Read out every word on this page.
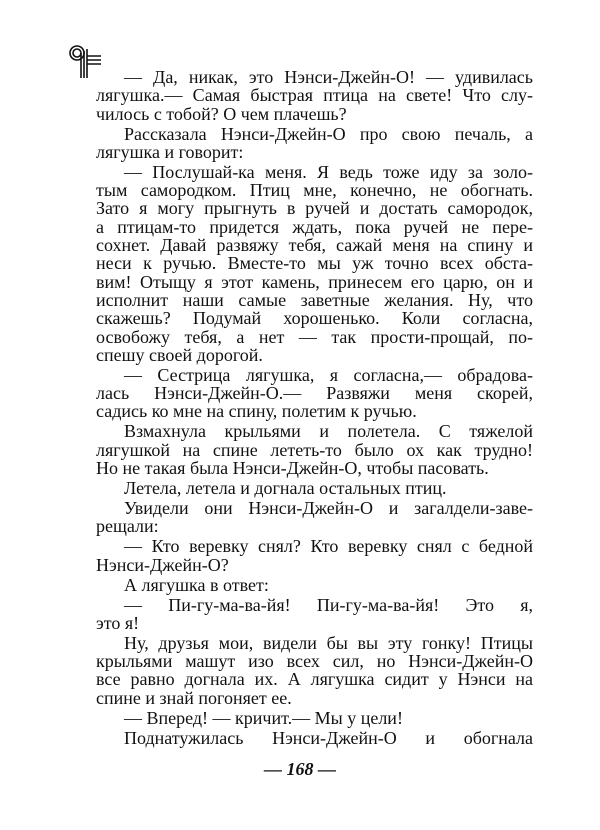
— Да, никак, это Нэнси-Джейн-О! — удивилась
лягушка.— Самая быстрая птица на свете! Что слу-
чилось с тобой? О чем плачешь?
Рассказала Нэнси-Джейн-О про свою печаль, а
лягушка и говорит:
— Послушай-ка меня. Я ведь тоже иду за золо-
тым самородком. Птиц мне, конечно, не обогнать.
Зато я могу прыгнуть в ручей и достать самородок,
а птицам-то придется ждать, пока ручей не пере-
сохнет. Давай развяжу тебя, сажай меня на спину и
неси к ручью. Вместе-то мы уж точно всех обста-
вим! Отыщу я этот камень, принесем его царю, он и
исполнит наши самые заветные желания. Ну, что
скажешь? Подумай хорошенько. Коли согласна,
освобожу тебя, а нет — так прости-прощай, по-
спешу своей дорогой.
— Сестрица лягушка, я согласна,— обрадова-
лась Нэнси-Джейн-О.— Развяжи меня скорей,
садись ко мне на спину, полетим к ручью.
Взмахнула крыльями и полетела. С тяжелой
лягушкой на спине лететь-то было ох как трудно!
Но не такая была Нэнси-Джейн-О, чтобы пасовать.
Летела, летела и догнала остальных птиц.
Увидели они Нэнси-Джейн-О и загалдели-заве-
рещали:
— Кто веревку снял? Кто веревку снял с бедной
Нэнси-Джейн-О?
А лягушка в ответ:
— Пи-гу-ма-ва-йя! Пи-гу-ма-ва-йя! Это я,
это я!
Ну, друзья мои, видели бы вы эту гонку! Птицы
крыльями машут изо всех сил, но Нэнси-Джейн-О
все равно догнала их. А лягушка сидит у Нэнси на
спине и знай погоняет ее.
— Вперед! — кричит.— Мы у цели!
Поднатужилась Нэнси-Джейн-О и обогнала
— 168 —
